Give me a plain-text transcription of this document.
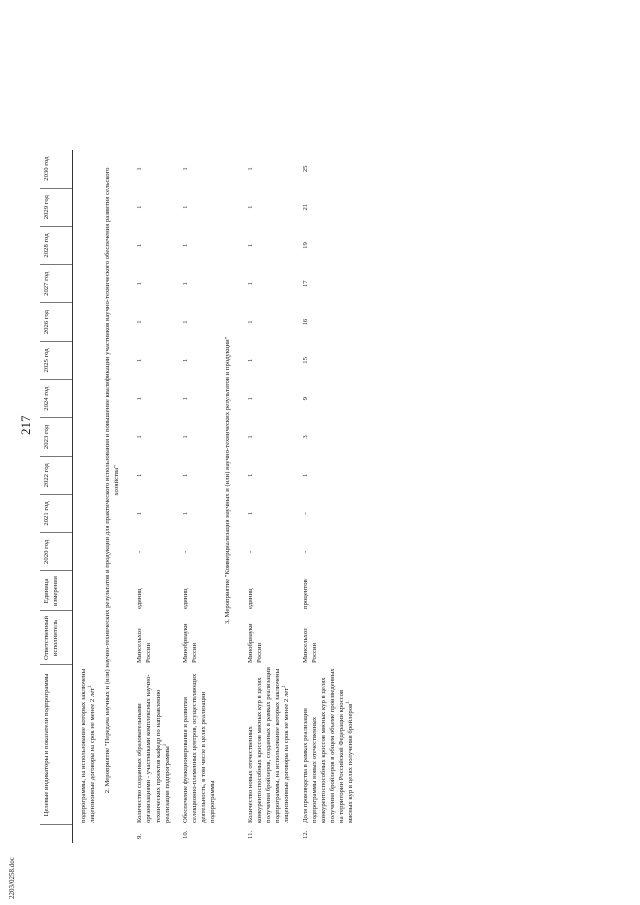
217
	Целевые индикаторы и показатели подпрограммы	Ответственный исполнитель	Единица измерения	2020 год	2021 год	2022 год	2023 год	2024 год	2025 год	2026 год	2027 год	2028 год	2029 год	2030 год
	подпрограммы, на использование которых заключены лицензионные договоры на срок не менее 2 лет$^1$	
2. Мероприятие "Передача научных и (или) научно-технических результатов и продукции для практического использования и повышение квалификации участников научно-технического обеспечения развития сельского хозяйства"														
9.	Количество созданных образовательными организациями - участниками комплексных научно-технических проектов кафедр по направлению реализации подпрограммы$^1$	Минсельхоз России	единиц	-	1	1	1	1	1	1	1	1	1	1
10.	Обеспечение функционирования и развития селекционно-племенных центров, осуществляющих деятельность, в том числе в целях реализации подпрограммы	Минобрнауки России	единиц	-	1	1	1	1	1	1	1	1	1	1
3. Мероприятие "Коммерциализация научных и (или) научно-технических результатов и продукции"														
11.	Количество новых отечественных конкурентоспособных кроссов мясных кур в целях получения бройлеров, созданных в рамках реализации подпрограммы, на использование которых заключены лицензионные договоры на срок не менее 2 лет$^1$	Минобрнауки России	единиц	-	1	1	1	1	1	1	1	1	1	1
12.	Доля производства в рамках реализации подпрограммы новых отечественных конкурентоспособных кроссов мясных кур в целях получения бройлеров в общем объеме произведенных на территории Российской Федерации кроссов мясных кур в целях получения бройлеров$^1$	Минсельхоз России	процентов	-	-	1	3	9	15	16	17	19	21	25
2203/0258.doc
